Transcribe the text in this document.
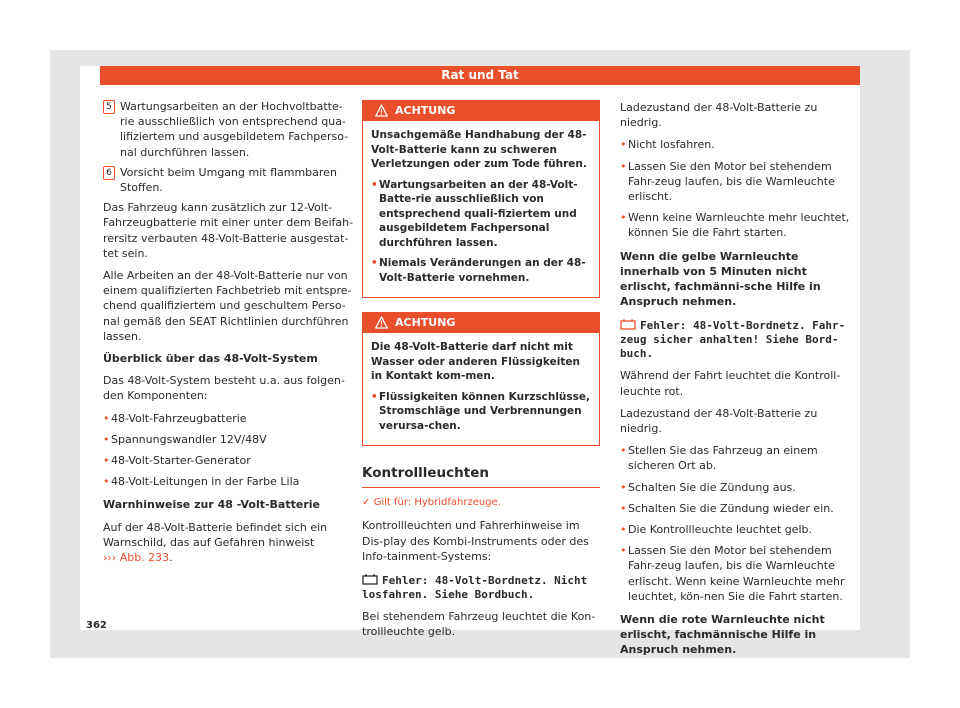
Rat und Tat
5 Wartungsarbeiten an der Hochvoltbatte-rie ausschließlich von entsprechend qua-lifiziertem und ausgebildetem Fachperso-nal durchführen lassen.
6 Vorsicht beim Umgang mit flammbaren Stoffen.

Das Fahrzeug kann zusätzlich zur 12-Volt-Fahrzeugbatterie mit einer unter dem Beifah-rersitz verbauten 48-Volt-Batterie ausgestat-tet sein.

Alle Arbeiten an der 48-Volt-Batterie nur von einem qualifizierten Fachbetrieb mit entspre-chend qualifiziertem und geschultem Perso-nal gemäß den SEAT Richtlinien durchführen lassen.

Überblick über das 48-Volt-System

Das 48-Volt-System besteht u.a. aus folgen-den Komponenten:

• 48-Volt-Fahrzeugbatterie
• Spannungswandler 12V/48V
• 48-Volt-Starter-Generator
• 48-Volt-Leitungen in der Farbe Lila

Warnhinweise zur 48 -Volt-Batterie

Auf der 48-Volt-Batterie befindet sich ein Warnschild, das auf Gefahren hinweist
››› Abb. 233.

ACHTUNG

Unsachgemäße Handhabung der 48-Volt-Batterie kann zu schweren Verletzungen oder zum Tode führen.

• Wartungsarbeiten an der 48-Volt-Batte-rie ausschließlich von entsprechend quali-fiziertem und ausgebildetem Fachpersonal durchführen lassen.
• Niemals Veränderungen an der 48-Volt-Batterie vornehmen.
ACHTUNG

Die 48-Volt-Batterie darf nicht mit Wasser oder anderen Flüssigkeiten in Kontakt kom-men.

• Flüssigkeiten können Kurzschlüsse, Stromschläge und Verbrennungen verursa-chen.
Kontrollleuchten
✓ Gilt für: Hybridfahrzeuge.

Kontrollleuchten und Fahrerhinweise im Dis-play des Kombi-Instruments oder des Info-tainment-Systems:

Fehler: 48-Volt-Bordnetz. Nicht losfahren. Siehe Bordbuch.

Bei stehendem Fahrzeug leuchtet die Kon-trollleuchte gelb.

Ladezustand der 48-Volt-Batterie zu niedrig.

• Nicht losfahren.
• Lassen Sie den Motor bei stehendem Fahr-zeug laufen, bis die Warnleuchte erlischt.
• Wenn keine Warnleuchte mehr leuchtet, können Sie die Fahrt starten.

Wenn die gelbe Warnleuchte innerhalb von 5 Minuten nicht erlischt, fachmänni-sche Hilfe in Anspruch nehmen.

Fehler: 48-Volt-Bordnetz. Fahr-zeug sicher anhalten! Siehe Bord-buch.

Während der Fahrt leuchtet die Kontroll-leuchte rot.

Ladezustand der 48-Volt-Batterie zu niedrig.

• Stellen Sie das Fahrzeug an einem sicheren Ort ab.
• Schalten Sie die Zündung aus.
• Schalten Sie die Zündung wieder ein.
• Die Kontrollleuchte leuchtet gelb.
• Lassen Sie den Motor bei stehendem Fahr-zeug laufen, bis die Warnleuchte erlischt. Wenn keine Warnleuchte mehr leuchtet, kön-nen Sie die Fahrt starten.

Wenn die rote Warnleuchte nicht erlischt, fachmännische Hilfe in Anspruch nehmen.

362
